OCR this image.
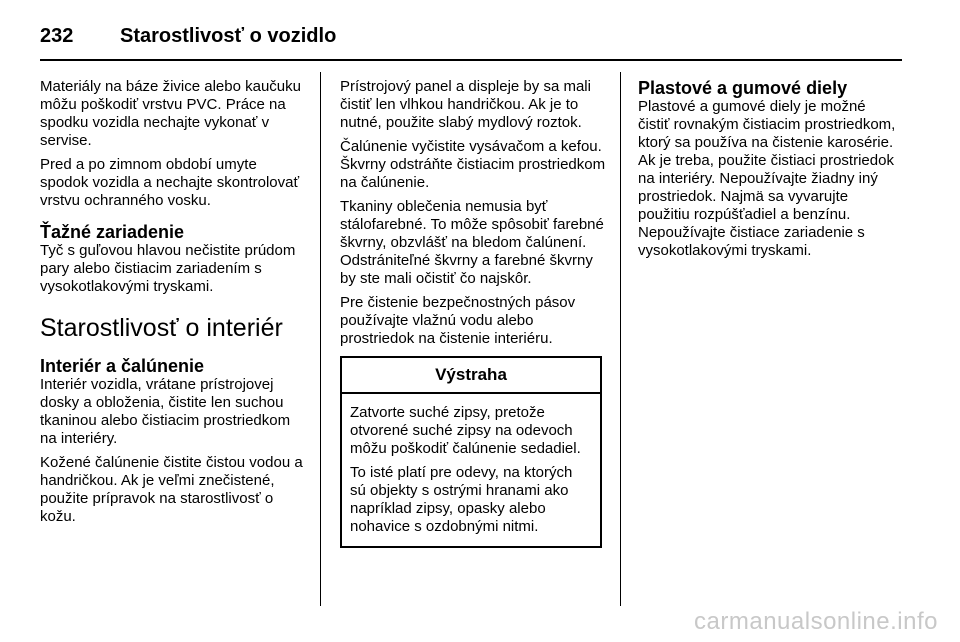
232	Starostlivosť o vozidlo

Materiály na báze živice alebo kaučuku môžu poškodiť vrstvu PVC. Práce na spodku vozidla nechajte vykonať v servise.

Pred a po zimnom období umyte spodok vozidla a nechajte skontrolovať vrstvu ochranného vosku.

Ťažné zariadenie

Tyč s guľovou hlavou nečistite prúdom pary alebo čistiacim zariadením s vysokotlakovými tryskami.

Starostlivosť o interiér
Interiér a čalúnenie

Interiér vozidla, vrátane prístrojovej dosky a obloženia, čistite len suchou tkaninou alebo čistiacim prostriedkom na interiéry.

Kožené čalúnenie čistite čistou vodou a handričkou. Ak je veľmi znečistené, použite prípravok na starostlivosť o kožu.

Prístrojový panel a displeje by sa mali čistiť len vlhkou handričkou. Ak je to nutné, použite slabý mydlový roztok.

Čalúnenie vyčistite vysávačom a kefou. Škvrny odstráňte čistiacim prostriedkom na čalúnenie.

Tkaniny oblečenia nemusia byť stálofarebné. To môže spôsobiť farebné škvrny, obzvlášť na bledom čalúnení. Odstrániteľné škvrny a farebné škvrny by ste mali očistiť čo najskôr.

Pre čistenie bezpečnostných pásov používajte vlažnú vodu alebo prostriedok na čistenie interiéru.

Výstraha

Zatvorte suché zipsy, pretože otvorené suché zipsy na odevoch môžu poškodiť čalúnenie sedadiel.

To isté platí pre odevy, na ktorých sú objekty s ostrými hranami ako napríklad zipsy, opasky alebo nohavice s ozdobnými nitmi.

Plastové a gumové diely

Plastové a gumové diely je možné čistiť rovnakým čistiacim prostriedkom, ktorý sa používa na čistenie karosérie. Ak je treba, použite čistiaci prostriedok na interiéry. Nepoužívajte žiadny iný prostriedok. Najmä sa vyvarujte použitiu rozpúšťadiel a benzínu. Nepoužívajte čistiace zariadenie s vysokotlakovými tryskami.

carmanualsonline.info
